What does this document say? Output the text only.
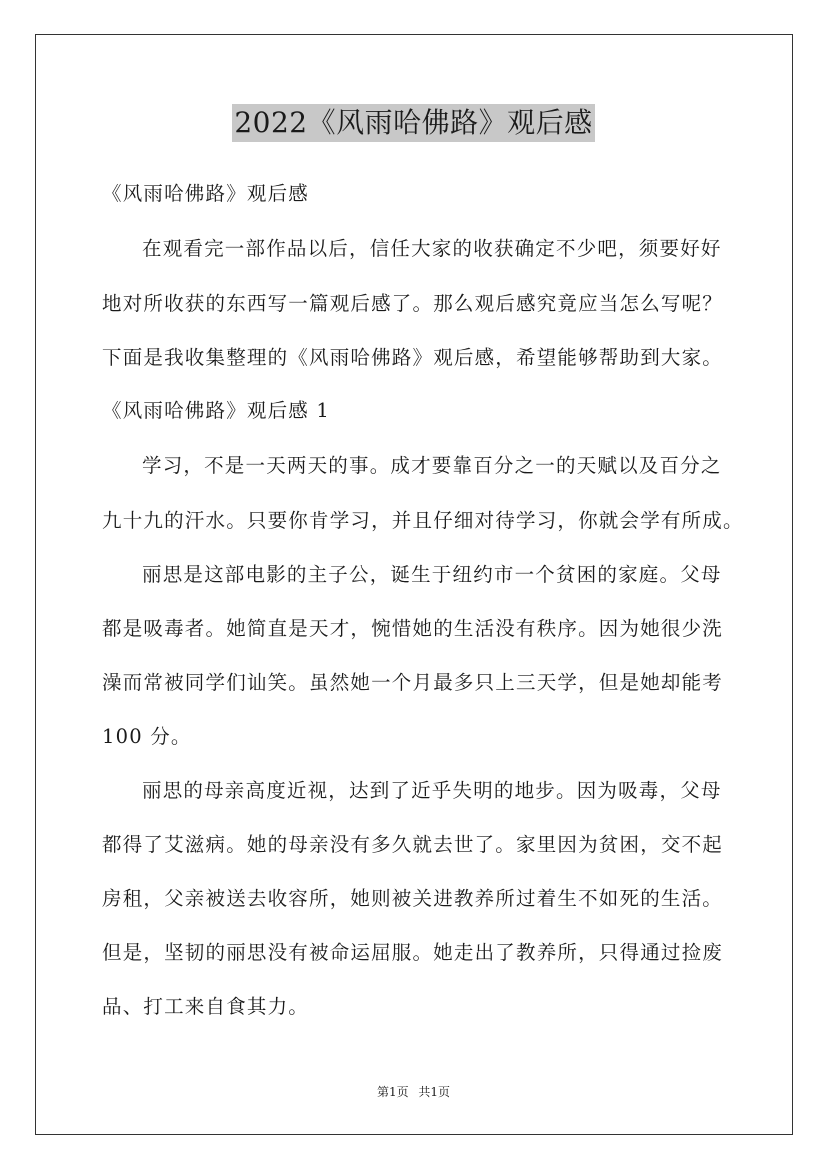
2022《风雨哈佛路》观后感
《风雨哈佛路》观后感
在观看完一部作品以后，信任大家的收获确定不少吧，须要好好
地对所收获的东西写一篇观后感了。那么观后感究竟应当怎么写呢？
下面是我收集整理的《风雨哈佛路》观后感，希望能够帮助到大家。
《风雨哈佛路》观后感 1
学习，不是一天两天的事。成才要靠百分之一的天赋以及百分之
九十九的汗水。只要你肯学习，并且仔细对待学习，你就会学有所成。
丽思是这部电影的主子公，诞生于纽约市一个贫困的家庭。父母
都是吸毒者。她简直是天才，惋惜她的生活没有秩序。因为她很少洗
澡而常被同学们讪笑。虽然她一个月最多只上三天学，但是她却能考
100 分。
丽思的母亲高度近视，达到了近乎失明的地步。因为吸毒，父母
都得了艾滋病。她的母亲没有多久就去世了。家里因为贫困，交不起
房租，父亲被送去收容所，她则被关进教养所过着生不如死的生活。
但是，坚韧的丽思没有被命运屈服。她走出了教养所，只得通过捡废
品、打工来自食其力。
第1页 共1页
